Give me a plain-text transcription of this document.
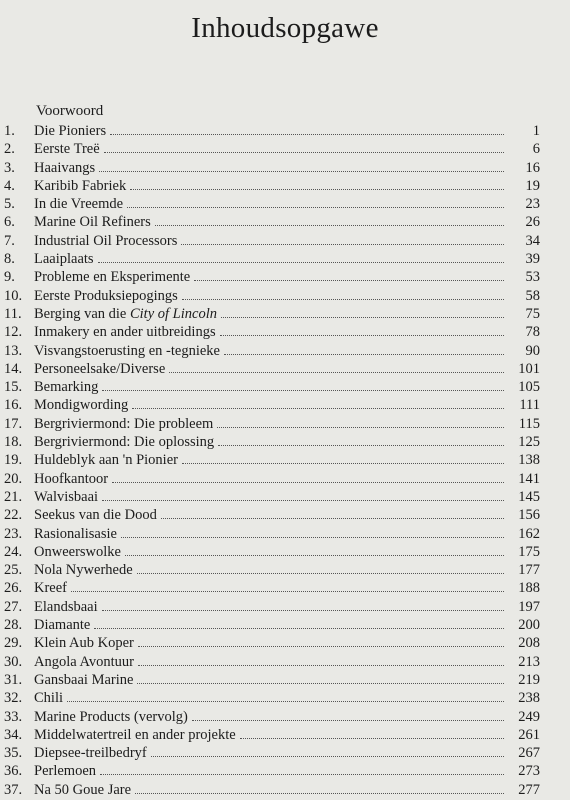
Inhoudsopgawe
Voorwoord
1.	Die Pioniers	1
2.	Eerste Treë	6
3.	Haaivangs	16
4.	Karibib Fabriek	19
5.	In die Vreemde	23
6.	Marine Oil Refiners	26
7.	Industrial Oil Processors	34
8.	Laaiplaats	39
9.	Probleme en Eksperimente	53
10. Eerste Produksiepogings	58
11. Berging van die City of Lincoln	75
12. Inmakery en ander uitbreidings	78
13. Visvangstoerusting en -tegnieke	90
14. Personeelsake/Diverse	101
15. Bemarking	105
16. Mondigwording	111
17. Bergriviermond: Die probleem	115
18. Bergriviermond: Die oplossing	125
19. Huldeblyk aan 'n Pionier	138
20. Hoofkantoor	141
21. Walvisbaai	145
22. Seekus van die Dood	156
23. Rasionalisasie	162
24. Onweerswolke	175
25. Nola Nywerhede	177
26. Kreef	188
27. Elandsbaai	197
28. Diamante	200
29. Klein Aub Koper	208
30. Angola Avontuur	213
31. Gansbaai Marine	219
32. Chili	238
33. Marine Products (vervolg)	249
34. Middelwatertreil en ander projekte	261
35. Diepsee-treilbedryf	267
36. Perlemoen	273
37. Na 50 Goue Jare	277
